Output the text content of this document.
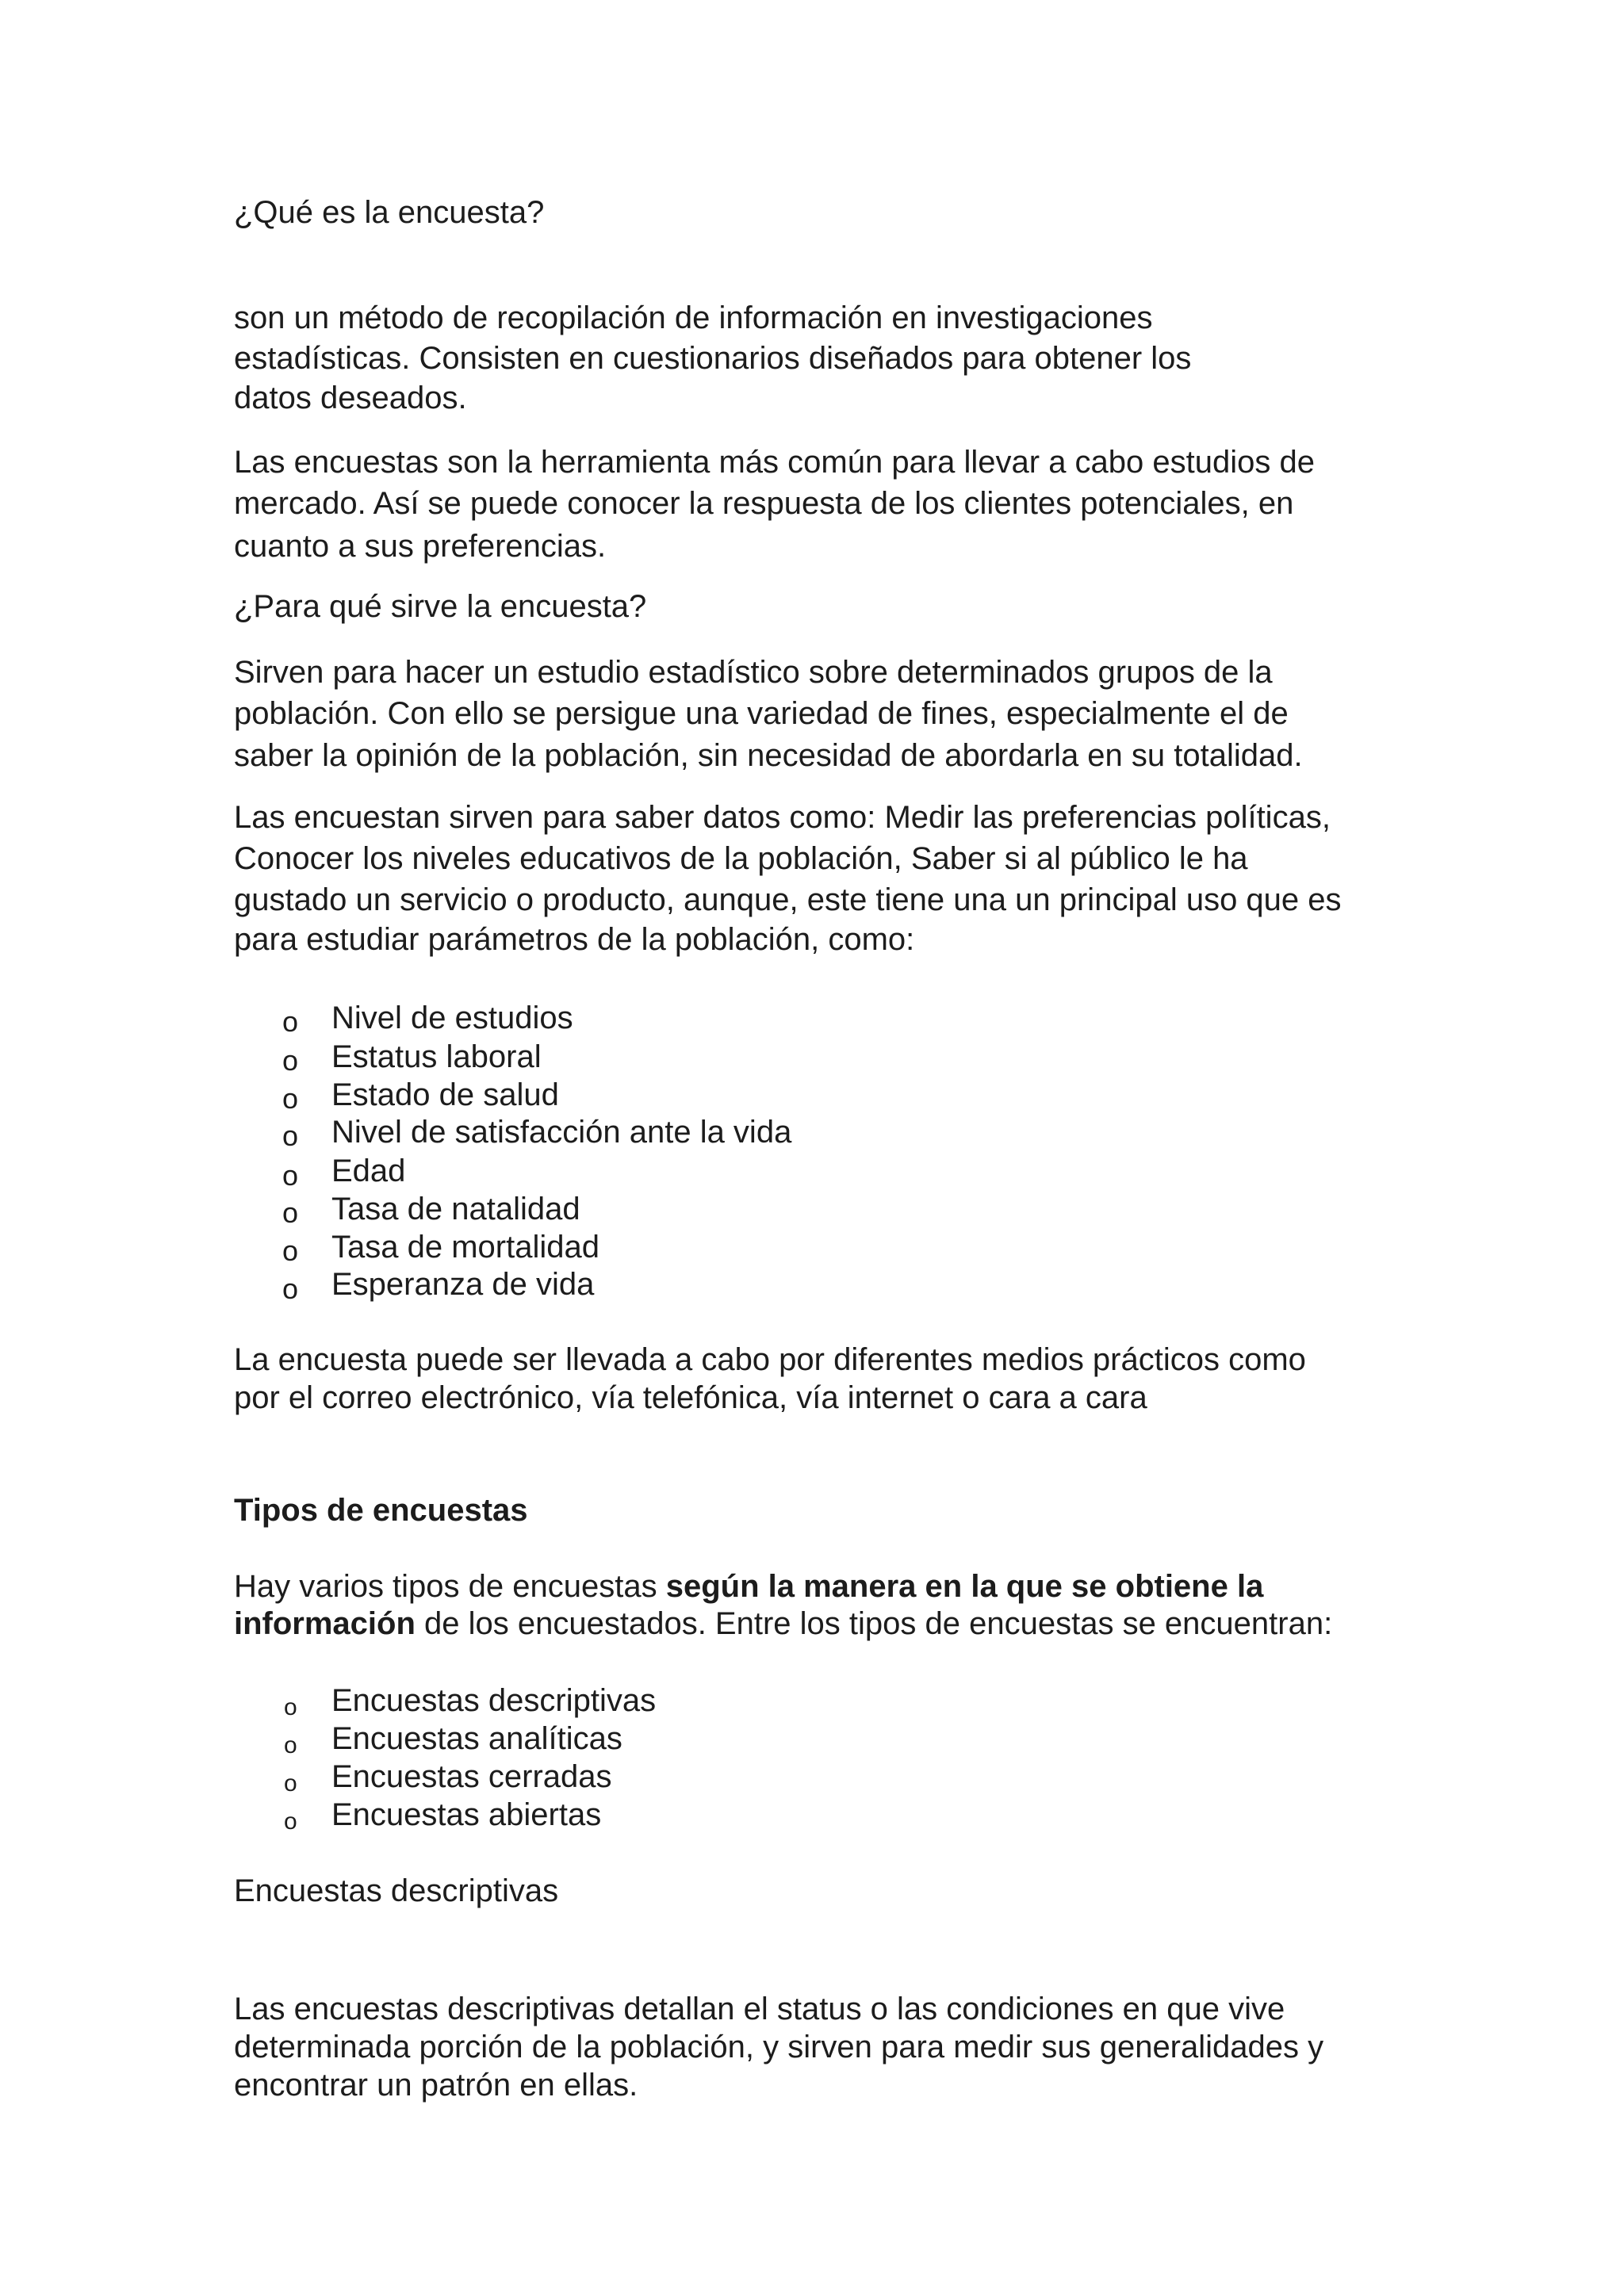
¿Qué es la encuesta?

son un método de recopilación de información en investigaciones

estadísticas. Consisten en cuestionarios diseñados para obtener los

datos deseados.

Las encuestas son la herramienta más común para llevar a cabo estudios de

mercado. Así se puede conocer la respuesta de los clientes potenciales, en

cuanto a sus preferencias.

¿Para qué sirve la encuesta?

Sirven para hacer un estudio estadístico sobre determinados grupos de la

población. Con ello se persigue una variedad de fines, especialmente el de

saber la opinión de la población, sin necesidad de abordarla en su totalidad.

Las encuestan sirven para saber datos como: Medir las preferencias políticas,

Conocer los niveles educativos de la población, Saber si al público le ha

gustado un servicio o producto, aunque, este tiene una un principal uso que es

para estudiar parámetros de la población, como:

o Nivel de estudios
o Estatus laboral
o Estado de salud
o Nivel de satisfacción ante la vida
o Edad
o Tasa de natalidad
o Tasa de mortalidad
o Esperanza de vida

La encuesta puede ser llevada a cabo por diferentes medios prácticos como

por el correo electrónico, vía telefónica, vía internet o cara a cara

Tipos de encuestas

Hay varios tipos de encuestas según la manera en la que se obtiene la

información de los encuestados. Entre los tipos de encuestas se encuentran:

o Encuestas descriptivas
o Encuestas analíticas
o Encuestas cerradas
o Encuestas abiertas

Encuestas descriptivas

Las encuestas descriptivas detallan el status o las condiciones en que vive

determinada porción de la población, y sirven para medir sus generalidades y

encontrar un patrón en ellas.
